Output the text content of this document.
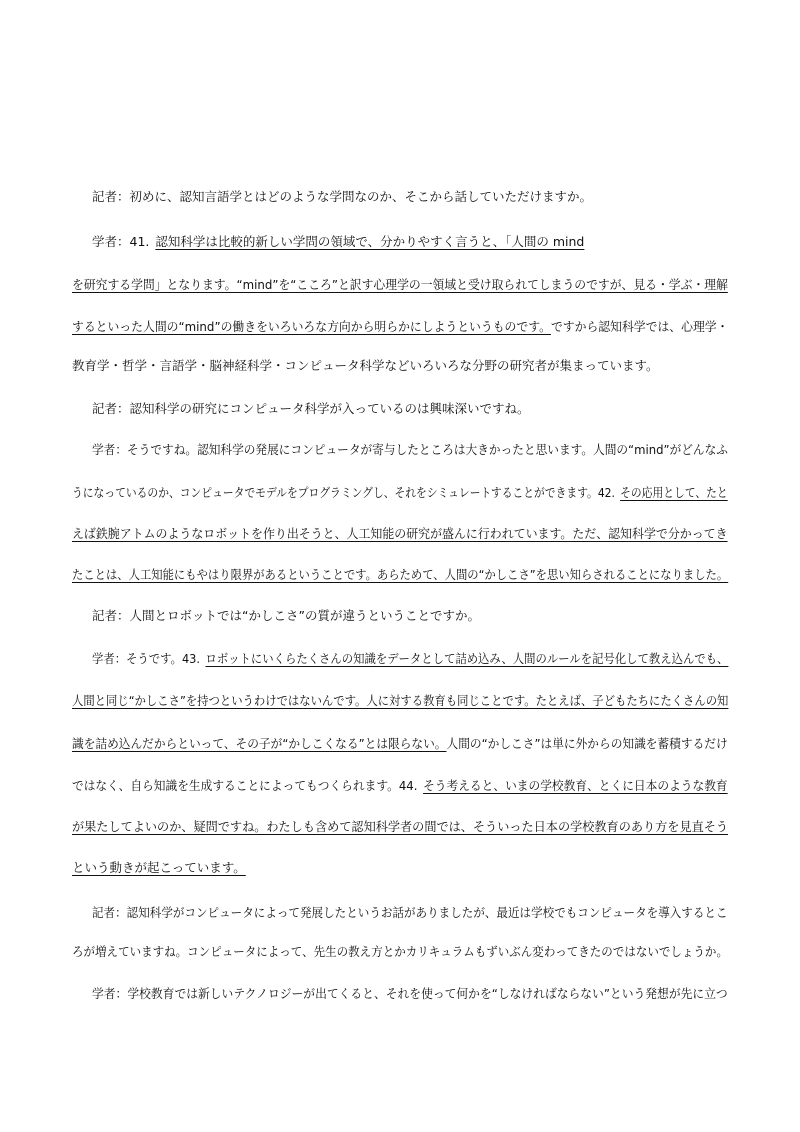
記者：初めに、認知言語学とはどのような学問なのか、そこから話していただけますか。
学者：41. 認知科学は比較的新しい学問の領域で、分かりやすく言うと、「人間の mind
を研究する学問」となります。“mind”を“こころ”と訳す心理学の一領域と受け取られてしまうのですが、見る・学ぶ・理解
するといった人間の“mind”の働きをいろいろな方向から明らかにしようというものです。ですから認知科学では、心理学・
教育学・哲学・言語学・脳神経科学・コンピュータ科学などいろいろな分野の研究者が集まっています。
記者：認知科学の研究にコンピュータ科学が入っているのは興味深いですね。
学者：そうですね。認知科学の発展にコンピュータが寄与したところは大きかったと思います。人間の“mind”がどんなふ
うになっているのか、コンピュータでモデルをプログラミングし、それをシミュレートすることができます。42. その応用として、たと
えば鉄腕アトムのようなロボットを作り出そうと、人工知能の研究が盛んに行われています。ただ、認知科学で分かってき
たことは、人工知能にもやはり限界があるということです。あらためて、人間の“かしこさ”を思い知らされることになりました。
記者：人間とロボットでは“かしこさ”の質が違うということですか。
学者：そうです。43. ロボットにいくらたくさんの知識をデータとして詰め込み、人間のルールを記号化して教え込んでも、
人間と同じ“かしこさ”を持つというわけではないんです。人に対する教育も同じことです。たとえば、子どもたちにたくさんの知
識を詰め込んだからといって、その子が“かしこくなる”とは限らない。人間の“かしこさ”は単に外からの知識を蓄積するだけ
ではなく、自ら知識を生成することによってもつくられます。44. そう考えると、いまの学校教育、とくに日本のような教育
が果たしてよいのか、疑問ですね。わたしも含めて認知科学者の間では、そういった日本の学校教育のあり方を見直そう
という動きが起こっています。
記者：認知科学がコンピュータによって発展したというお話がありましたが、最近は学校でもコンピュータを導入するとこ
ろが増えていますね。コンピュータによって、先生の教え方とかカリキュラムもずいぶん変わってきたのではないでしょうか。
学者：学校教育では新しいテクノロジーが出てくると、それを使って何かを“しなければならない”という発想が先に立つ
